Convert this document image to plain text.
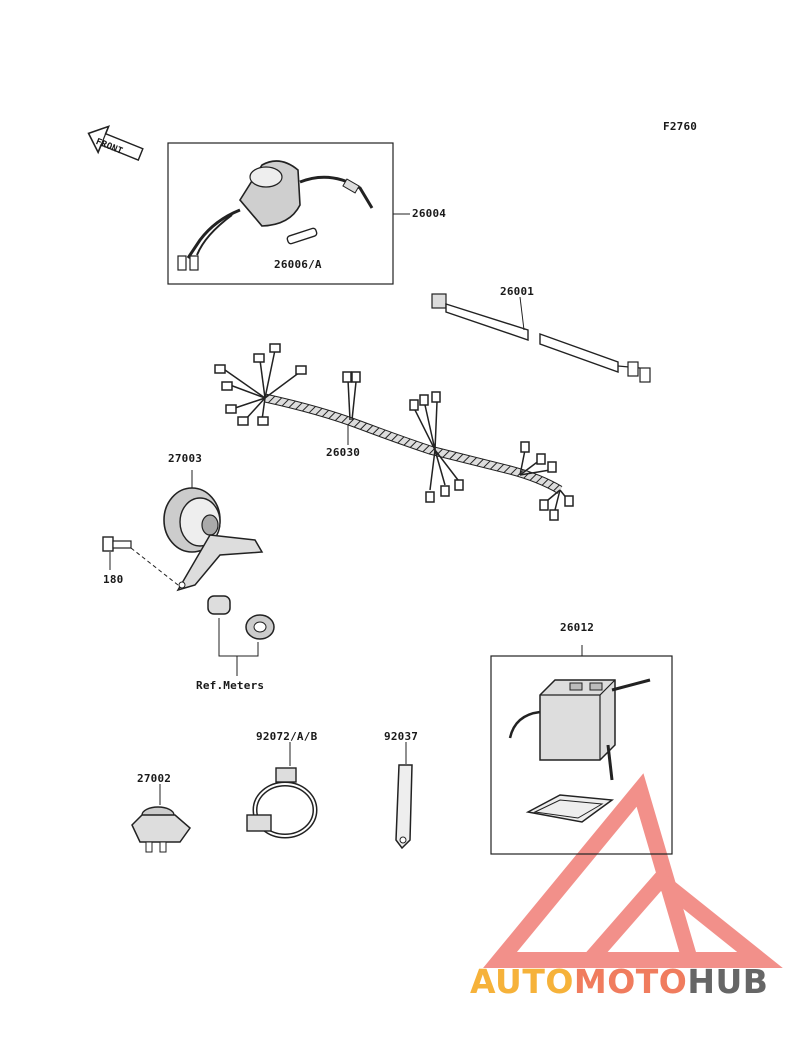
F2760
FRONT
26004
26006/A
26001
26030
27003
180
Ref.Meters
26012
92072/A/B	92037
27002
AUTOMOTOHUB
